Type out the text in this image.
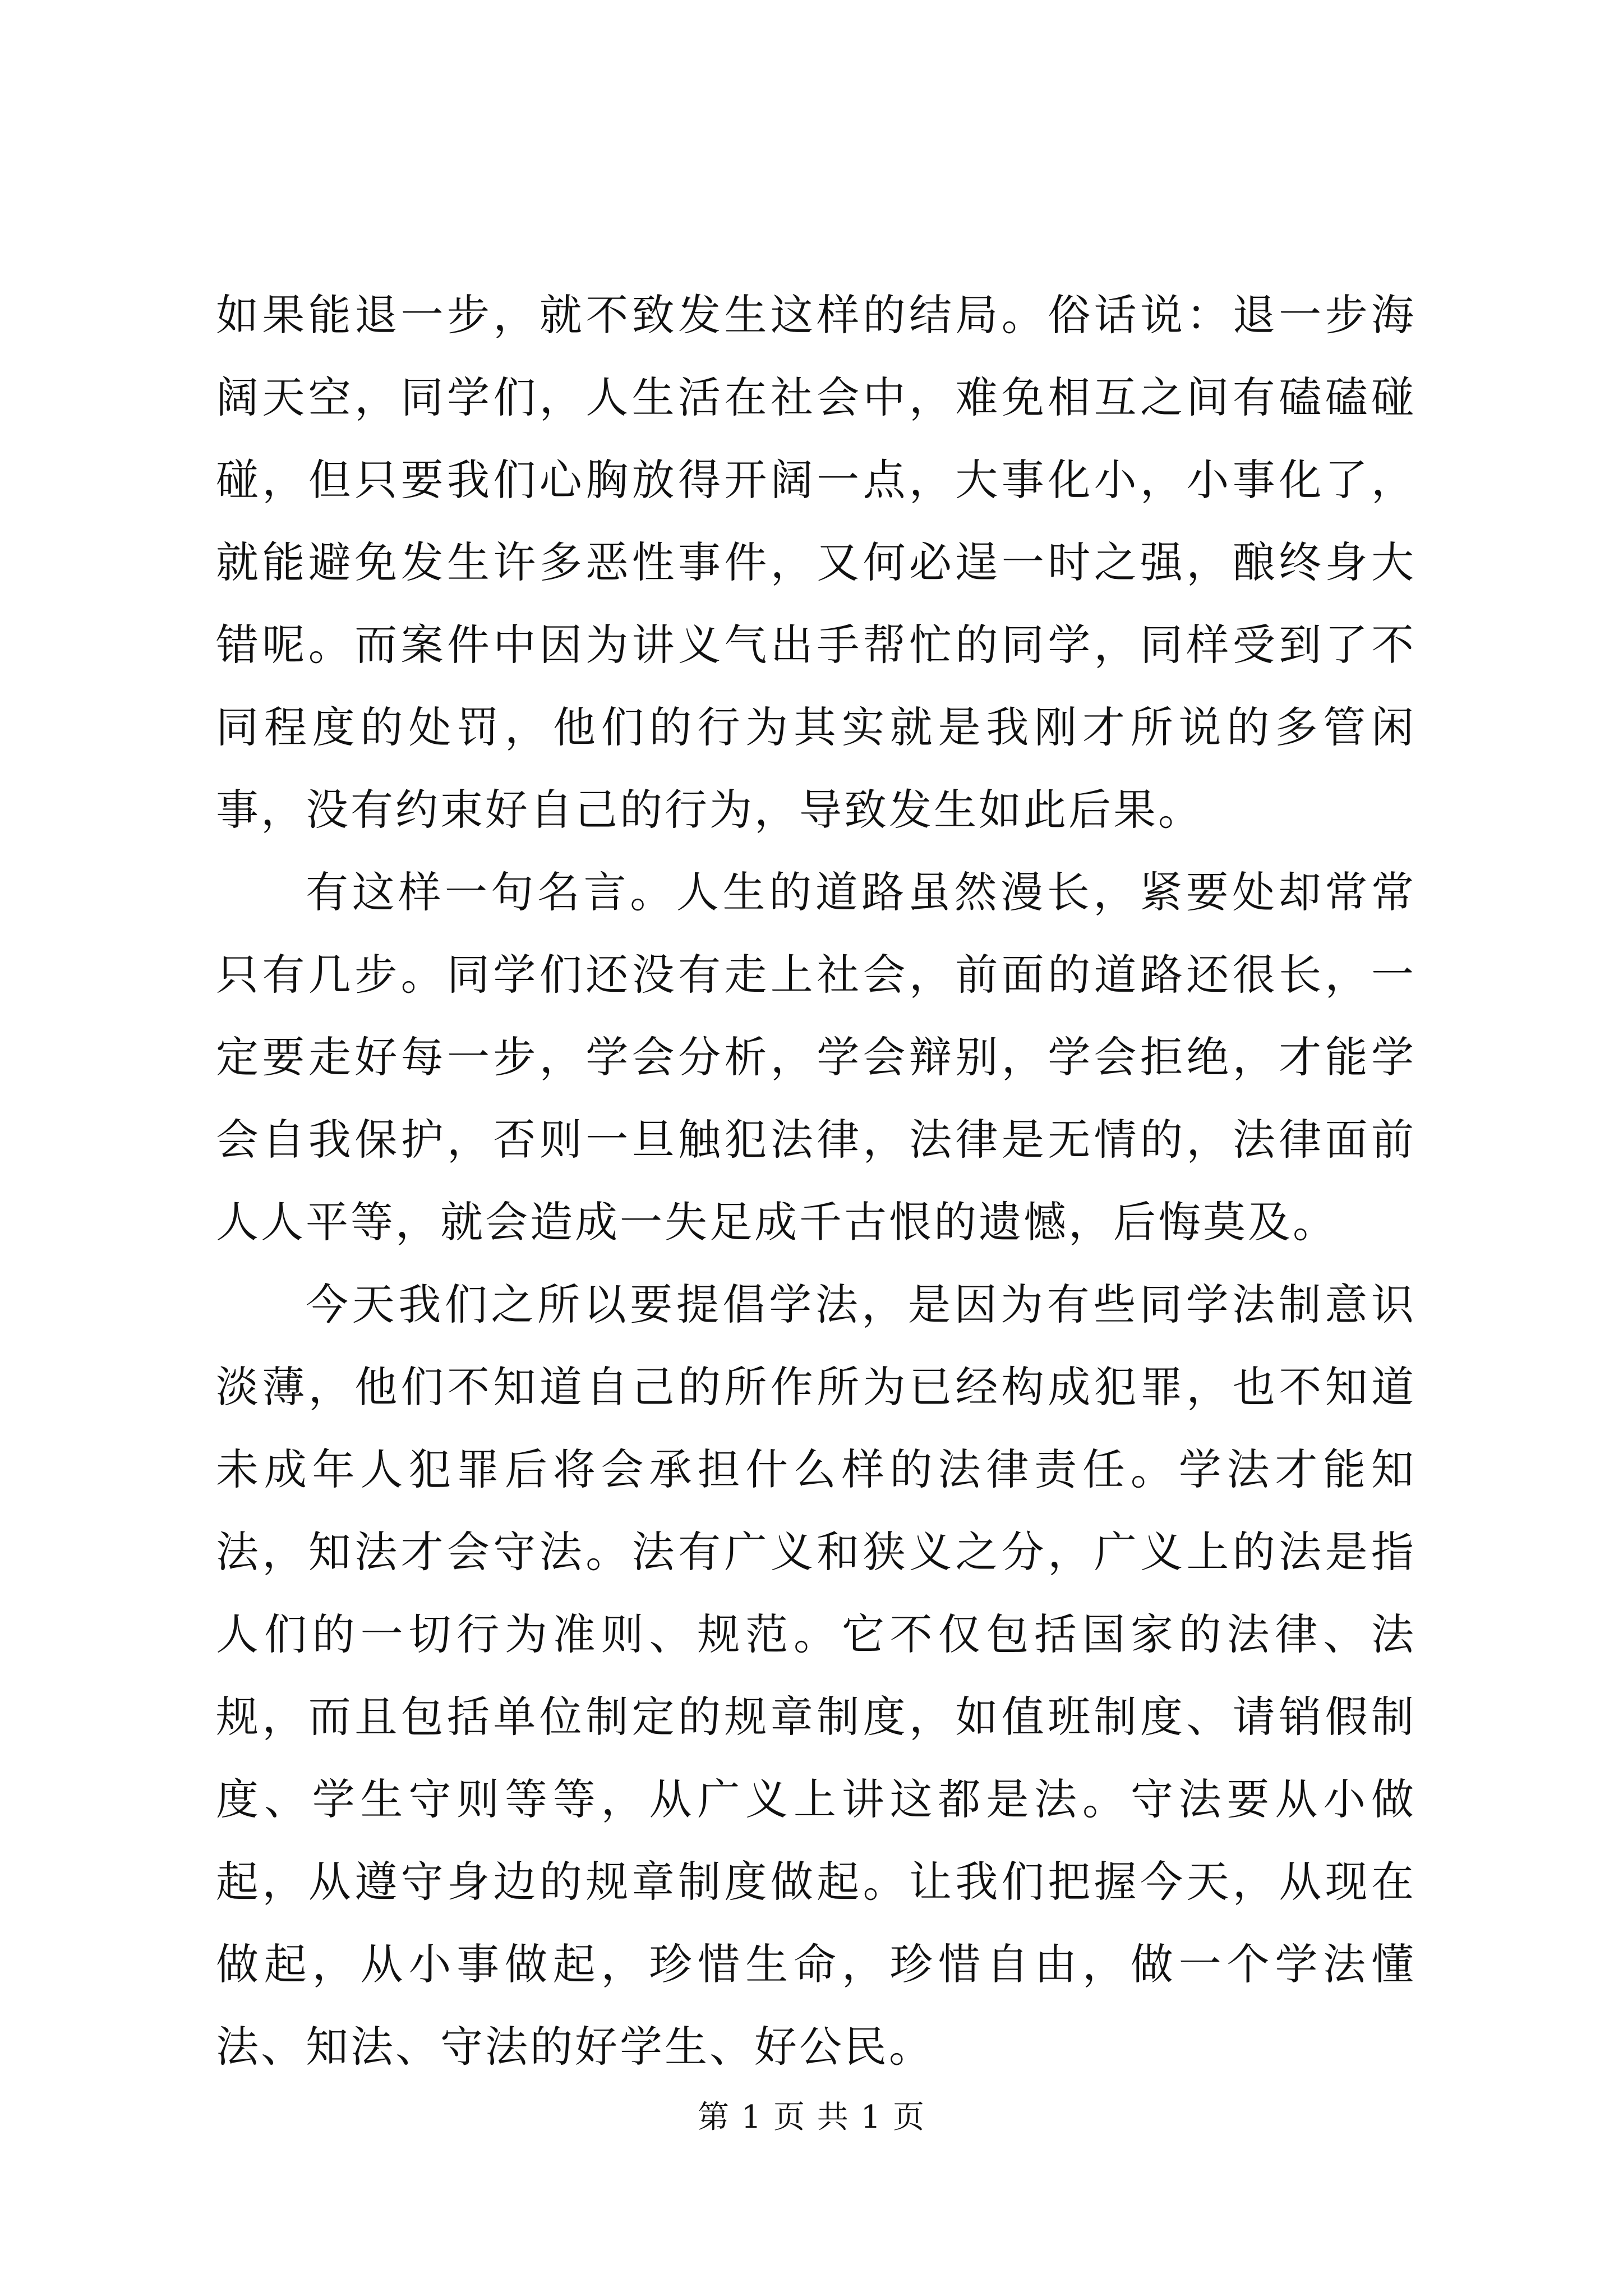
如果能退一步，就不致发生这样的结局。俗话说：退一步海阔天空，同学们，人生活在社会中，难免相互之间有磕磕碰碰，但只要我们心胸放得开阔一点，大事化小，小事化了，就能避免发生许多恶性事件，又何必逞一时之强，酿终身大错呢。而案件中因为讲义气出手帮忙的同学，同样受到了不同程度的处罚，他们的行为其实就是我刚才所说的多管闲事，没有约束好自己的行为，导致发生如此后果。

有这样一句名言。人生的道路虽然漫长，紧要处却常常只有几步。同学们还没有走上社会，前面的道路还很长，一定要走好每一步，学会分析，学会辩别，学会拒绝，才能学会自我保护，否则一旦触犯法律，法律是无情的，法律面前人人平等，就会造成一失足成千古恨的遗憾，后悔莫及。

今天我们之所以要提倡学法，是因为有些同学法制意识淡薄，他们不知道自己的所作所为已经构成犯罪，也不知道未成年人犯罪后将会承担什么样的法律责任。学法才能知法，知法才会守法。法有广义和狭义之分，广义上的法是指人们的一切行为准则、规范。它不仅包括国家的法律、法规，而且包括单位制定的规章制度，如值班制度、请销假制度、学生守则等等，从广义上讲这都是法。守法要从小做起，从遵守身边的规章制度做起。让我们把握今天，从现在做起，从小事做起，珍惜生命，珍惜自由，做一个学法懂法、知法、守法的好学生、好公民。

第 1 页 共 1 页
